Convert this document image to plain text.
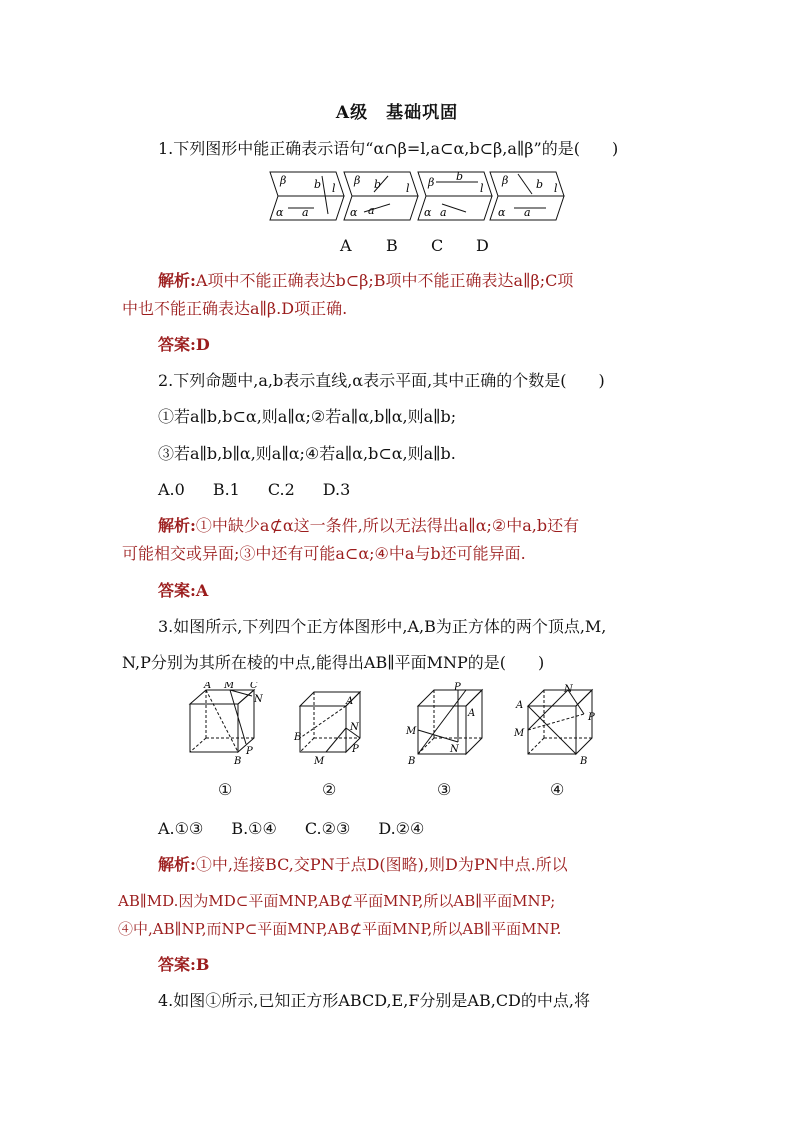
A级　基础巩固
1.下列图形中能正确表示语句“α∩β=l,a⊂α,b⊂β,a∥β”的是(　　)
β	b l
α a
β b l
α a
β b
l
α a
β	b l
α a
A B C D
解析:A项中不能正确表达b⊂β;B项中不能正确表达a∥β;C项
中也不能正确表达a∥β.D项正确.
答案:D
2.下列命题中,a,b表示直线,α表示平面,其中正确的个数是(　　)
①若a∥b,b⊂α,则a∥α;②若a∥α,b∥α,则a∥b;
③若a∥b,b∥α,则a∥α;④若a∥α,b⊂α,则a∥b.
A.0 B.1 C.2 D.3
解析:①中缺少a⊄α这一条件,所以无法得出a∥α;②中a,b还有
可能相交或异面;③中还有可能a⊂α;④中a与b还可能异面.
答案:A
3.如图所示,下列四个正方体图形中,A,B为正方体的两个顶点,M,
N,P分别为其所在棱的中点,能得出AB∥平面MNP的是(　　)
A M C
N
P
B
A
N
B
M
P
P
A
M
N
B
N
A
P
M
B
①	②	③	④
A.①③ B.①④ C.②③ D.②④
解析:①中,连接BC,交PN于点D(图略),则D为PN中点.所以
AB∥MD.因为MD⊂平面MNP,AB⊄平面MNP,所以AB∥平面MNP;
④中,AB∥NP,而NP⊂平面MNP,AB⊄平面MNP,所以AB∥平面MNP.
答案:B
4.如图①所示,已知正方形ABCD,E,F分别是AB,CD的中点,将
